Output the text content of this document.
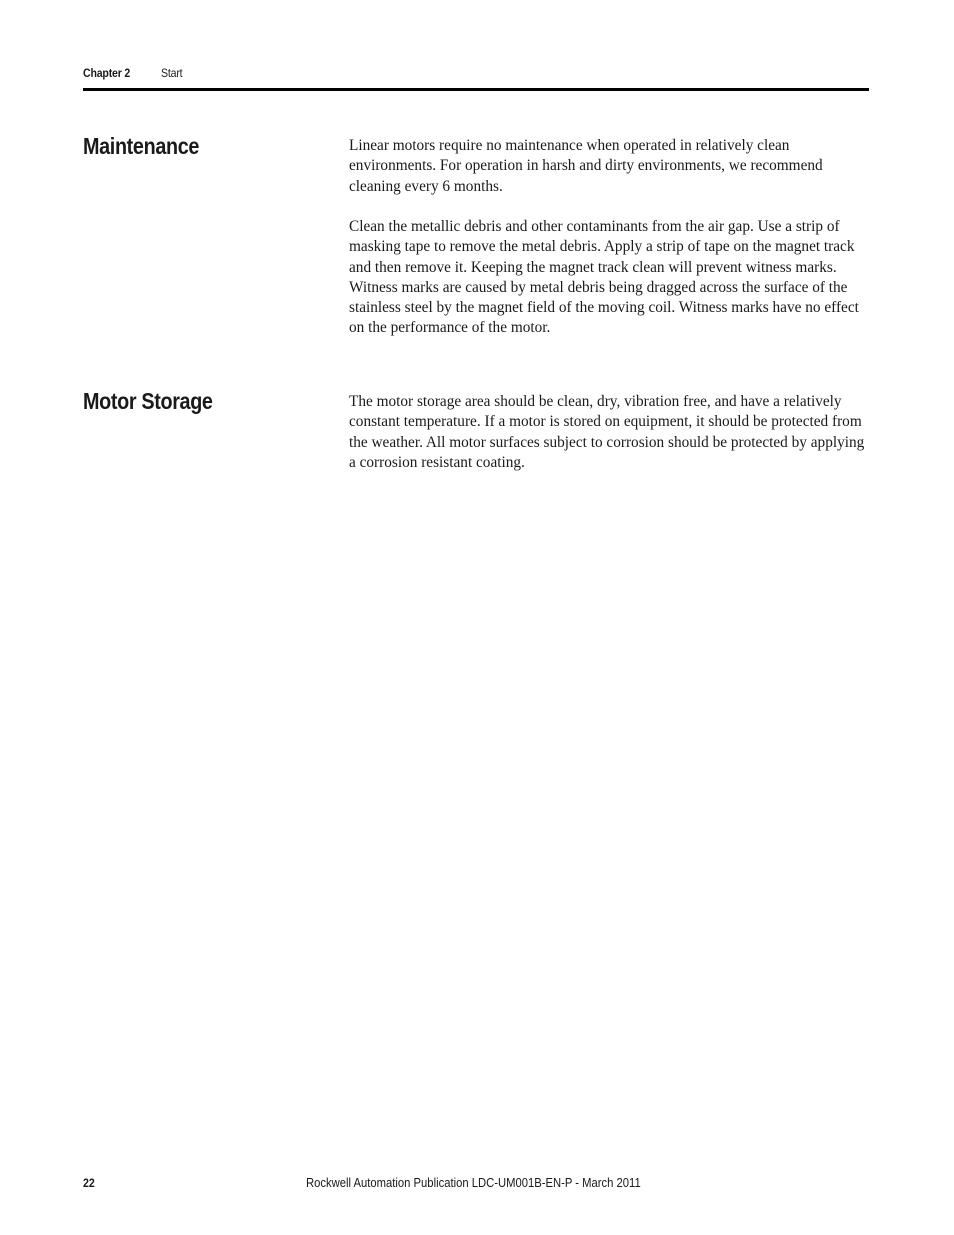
Chapter 2	Start
Maintenance	Linear motors require no maintenance when operated in relatively clean environments. For operation in harsh and dirty environments, we recommend cleaning every 6 months.

Clean the metallic debris and other contaminants from the air gap. Use a strip of masking tape to remove the metal debris. Apply a strip of tape on the magnet track and then remove it. Keeping the magnet track clean will prevent witness marks. Witness marks are caused by metal debris being dragged across the surface of the stainless steel by the magnet field of the moving coil. Witness marks have no effect on the performance of the motor.

Motor Storage	The motor storage area should be clean, dry, vibration free, and have a relatively constant temperature. If a motor is stored on equipment, it should be protected from the weather. All motor surfaces subject to corrosion should be protected by applying a corrosion resistant coating.

22	Rockwell Automation Publication LDC-UM001B-EN-P - March 2011
